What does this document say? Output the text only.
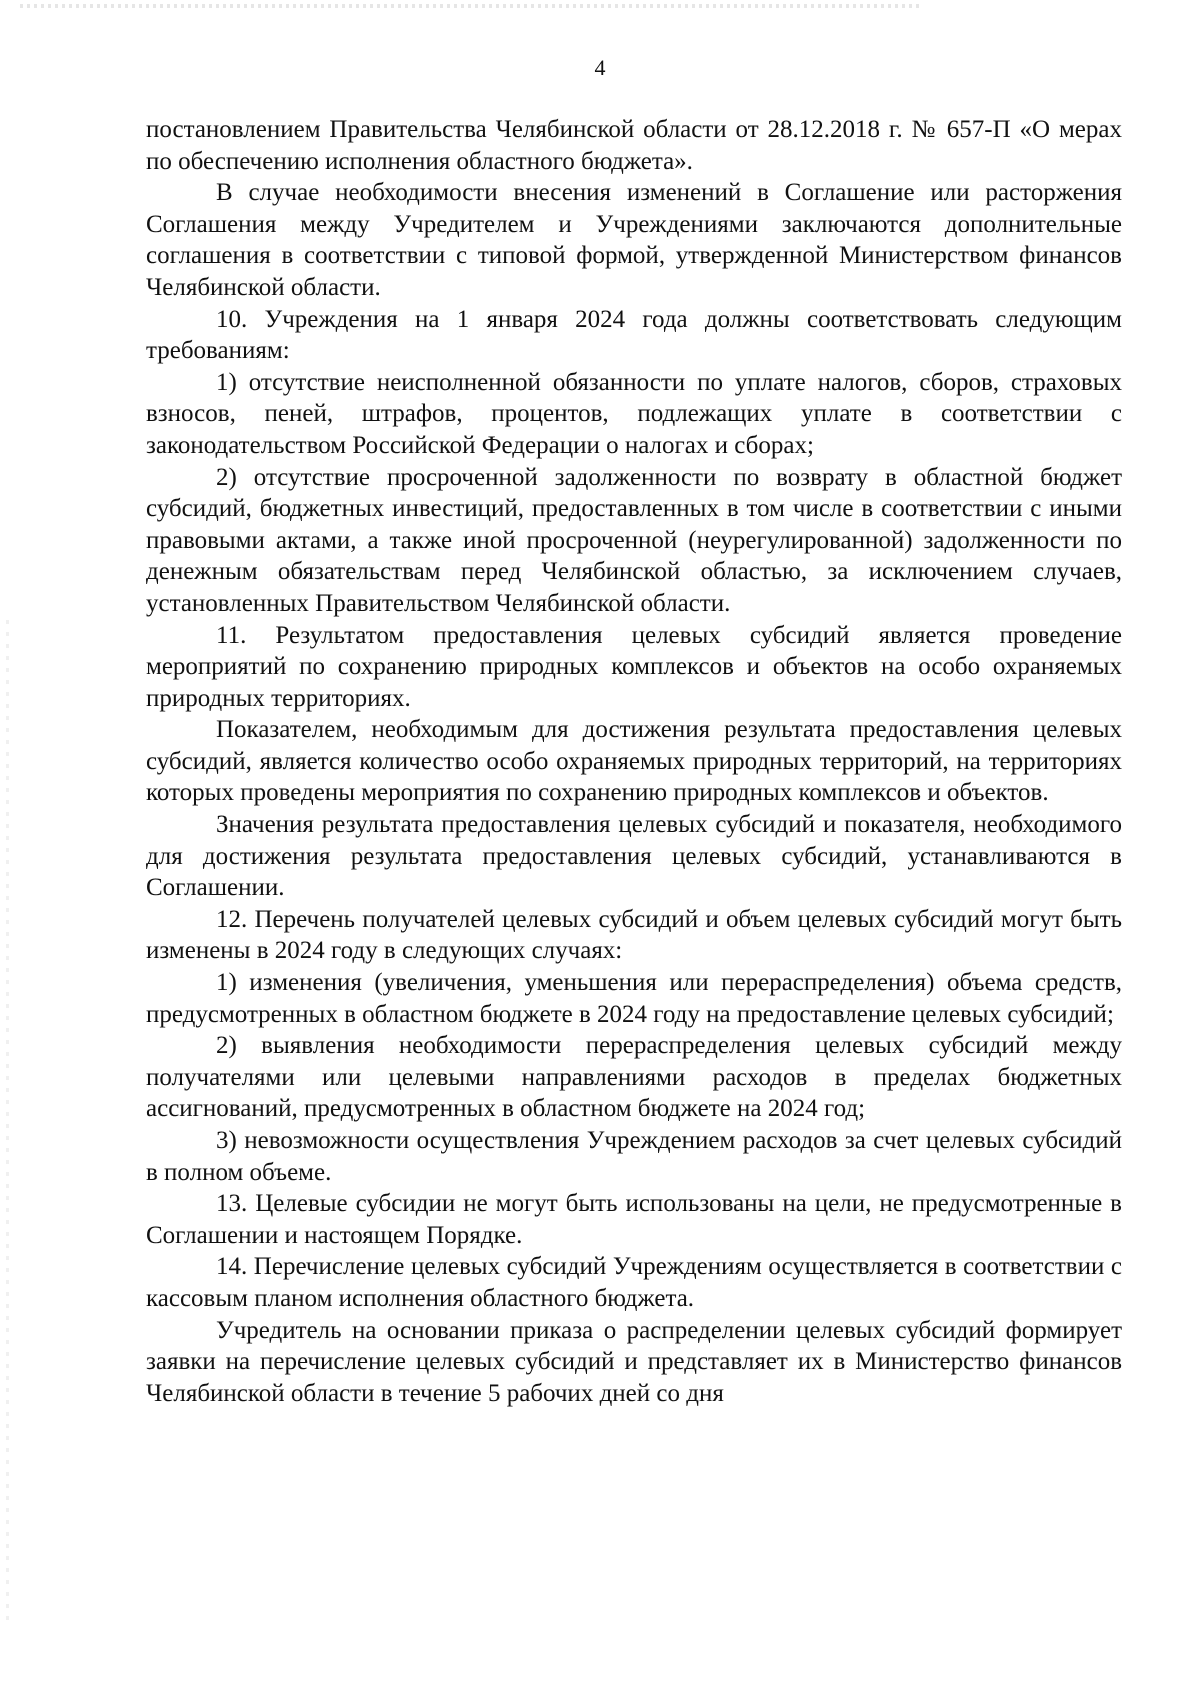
4

постановлением Правительства Челябинской области от 28.12.2018 г. № 657-П «О мерах по обеспечению исполнения областного бюджета».

В случае необходимости внесения изменений в Соглашение или расторжения Соглашения между Учредителем и Учреждениями заключаются дополнительные соглашения в соответствии с типовой формой, утвержденной Министерством финансов Челябинской области.

10. Учреждения на 1 января 2024 года должны соответствовать следующим требованиям:

1) отсутствие неисполненной обязанности по уплате налогов, сборов, страховых взносов, пеней, штрафов, процентов, подлежащих уплате в соответствии с законодательством Российской Федерации о налогах и сборах;

2) отсутствие просроченной задолженности по возврату в областной бюджет субсидий, бюджетных инвестиций, предоставленных в том числе в соответствии с иными правовыми актами, а также иной просроченной (неурегулированной) задолженности по денежным обязательствам перед Челябинской областью, за исключением случаев, установленных Правительством Челябинской области.

11. Результатом предоставления целевых субсидий является проведение мероприятий по сохранению природных комплексов и объектов на особо охраняемых природных территориях.

Показателем, необходимым для достижения результата предоставления целевых субсидий, является количество особо охраняемых природных территорий, на территориях которых проведены мероприятия по сохранению природных комплексов и объектов.

Значения результата предоставления целевых субсидий и показателя, необходимого для достижения результата предоставления целевых субсидий, устанавливаются в Соглашении.

12. Перечень получателей целевых субсидий и объем целевых субсидий могут быть изменены в 2024 году в следующих случаях:

1) изменения (увеличения, уменьшения или перераспределения) объема средств, предусмотренных в областном бюджете в 2024 году на предоставление целевых субсидий;

2) выявления необходимости перераспределения целевых субсидий между получателями или целевыми направлениями расходов в пределах бюджетных ассигнований, предусмотренных в областном бюджете на 2024 год;

3) невозможности осуществления Учреждением расходов за счет целевых субсидий в полном объеме.

13. Целевые субсидии не могут быть использованы на цели, не предусмотренные в Соглашении и настоящем Порядке.

14. Перечисление целевых субсидий Учреждениям осуществляется в соответствии с кассовым планом исполнения областного бюджета.

Учредитель на основании приказа о распределении целевых субсидий формирует заявки на перечисление целевых субсидий и представляет их в Министерство финансов Челябинской области в течение 5 рабочих дней со дня
